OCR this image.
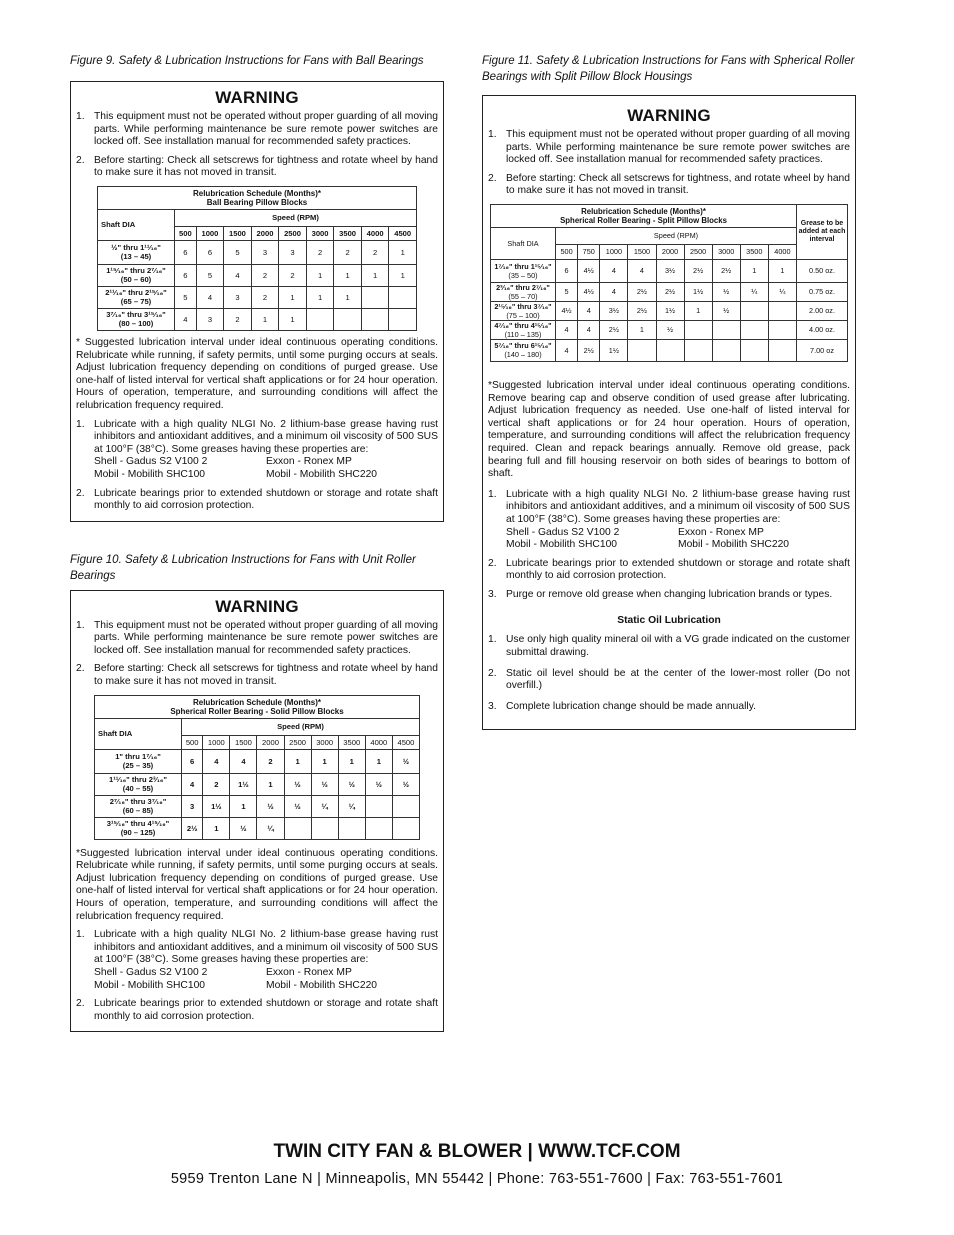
Figure 9. Safety & Lubrication Instructions for Fans with Ball Bearings

WARNING
1. This equipment must not be operated without proper guarding of all moving parts. While performing maintenance be sure remote power switches are locked off. See installation manual for recommended safety practices.
2. Before starting: Check all setscrews for tightness and rotate wheel by hand to make sure it has not moved in transit.
Relubrication Schedule (Months)*
Ball Bearing Pillow Blocks									
Shaft DIA	Speed (RPM)								
	500	1000	1500	2000	2500	3000	3500	4000	4500
½" thru 1¹¹⁄₁₆"
(13 – 45)	6	6	5	3	3	2	2	2	1
1¹⁵⁄₁₆" thru 2⁷⁄₁₆"
(50 – 60)	6	5	4	2	2	1	1	1	1
2¹¹⁄₁₆" thru 2¹⁵⁄₁₆"
(65 – 75)	5	4	3	2	1	1	1		
3⁷⁄₁₆" thru 3¹⁵⁄₁₆"
(80 – 100)	4	3	2	1	1				

* Suggested lubrication interval under ideal continuous operating conditions. Relubricate while running, if safety permits, until some purging occurs at seals. Adjust lubrication frequency depending on conditions of purged grease. Use one-half of listed interval for vertical shaft applications or for 24 hour operation. Hours of operation, temperature, and surrounding conditions will affect the relubrication frequency required.

1. Lubricate with a high quality NLGI No. 2 lithium-base grease having rust inhibitors and antioxidant additives, and a minimum oil viscosity of 500 SUS at 100°F (38°C). Some greases having these properties are:
Shell - Gadus S2 V100 2	Exxon - Ronex MP
Mobil - Mobilith SHC100	Mobil - Mobilith SHC220
2. Lubricate bearings prior to extended shutdown or storage and rotate shaft monthly to aid corrosion protection.

Figure 10. Safety & Lubrication Instructions for Fans with Unit Roller Bearings

WARNING
1. This equipment must not be operated without proper guarding of all moving parts. While performing maintenance be sure remote power switches are locked off. See installation manual for recommended safety practices.
2. Before starting: Check all setscrews for tightness and rotate wheel by hand to make sure it has not moved in transit.
Relubrication Schedule (Months)*
Spherical Roller Bearing - Solid Pillow Blocks									
Shaft DIA	Speed (RPM)								
	500	1000	1500	2000	2500	3000	3500	4000	4500
1" thru 1⁷⁄₁₆"
(25 – 35)	6	4	4	2	1	1	1	1	½
1¹¹⁄₁₆" thru 2³⁄₁₆"
(40 – 55)	4	2	1½	1	½	½	½	½	½
2⁷⁄₁₆" thru 3⁷⁄₁₆"
(60 – 85)	3	1½	1	½	½	¼	¼		
3¹⁵⁄₁₆" thru 4¹⁵⁄₁₆"
(90 – 125)	2½	1	½	¼					

*Suggested lubrication interval under ideal continuous operating conditions. Relubricate while running, if safety permits, until some purging occurs at seals. Adjust lubrication frequency depending on conditions of purged grease. Use one-half of listed interval for vertical shaft applications or for 24 hour operation. Hours of operation, temperature, and surrounding conditions will affect the relubrication frequency required.

1. Lubricate with a high quality NLGI No. 2 lithium-base grease having rust inhibitors and antioxidant additives, and a minimum oil viscosity of 500 SUS at 100°F (38°C). Some greases having these properties are:
Shell - Gadus S2 V100 2	Exxon - Ronex MP
Mobil - Mobilith SHC100	Mobil - Mobilith SHC220
2. Lubricate bearings prior to extended shutdown or storage and rotate shaft monthly to aid corrosion protection.

Figure 11. Safety & Lubrication Instructions for Fans with Spherical Roller Bearings with Split Pillow Block Housings

WARNING
1. This equipment must not be operated without proper guarding of all moving parts. While performing maintenance be sure remote power switches are locked off. See installation manual for recommended safety practices.
2. Before starting: Check all setscrews for tightness, and rotate wheel by hand to make sure it has not moved in transit.
Relubrication Schedule (Months)*
Spherical Roller Bearing - Split Pillow Blocks										Grease to be added at each interval
Shaft DIA	Speed (RPM)									
	500	750	1000	1500	2000	2500	3000	3500	4000	
1⁷⁄₁₆" thru 1¹⁵⁄₁₆"
(35 – 50)	6	4½	4	4	3½	2½	2½	1	1	0.50 oz.
2³⁄₁₆" thru 2⁷⁄₁₆"
(55 – 70)	5	4½	4	2½	2½	1½	½	¼	¼	0.75 oz.
2¹⁵⁄₁₆" thru 3⁷⁄₁₆"
(75 – 100)	4½	4	3½	2½	1½	1	½			2.00 oz.
4⁷⁄₁₆" thru 4¹⁵⁄₁₆"
(110 – 135)	4	4	2½	1	½					4.00 oz.
5⁷⁄₁₆" thru 6¹⁵⁄₁₆"
(140 – 180)	4	2½	1½							7.00 oz

*Suggested lubrication interval under ideal continuous operating conditions. Remove bearing cap and observe condition of used grease after lubricating. Adjust lubrication frequency as needed. Use one-half of listed interval for vertical shaft applications or for 24 hour operation. Hours of operation, temperature, and surrounding conditions will affect the relubrication frequency required. Clean and repack bearings annually. Remove old grease, pack bearing full and fill housing reservoir on both sides of bearings to bottom of shaft.

1. Lubricate with a high quality NLGI No. 2 lithium-base grease having rust inhibitors and antioxidant additives, and a minimum oil viscosity of 500 SUS at 100°F (38°C). Some greases having these properties are:
Shell - Gadus S2 V100 2	Exxon - Ronex MP
Mobil - Mobilith SHC100	Mobil - Mobilith SHC220
2. Lubricate bearings prior to extended shutdown or storage and rotate shaft monthly to aid corrosion protection.
3. Purge or remove old grease when changing lubrication brands or types.
Static Oil Lubrication
1. Use only high quality mineral oil with a VG grade indicated on the customer submittal drawing.
2. Static oil level should be at the center of the lower-most roller (Do not overfill.)
3. Complete lubrication change should be made annually.
TWIN CITY FAN & BLOWER | WWW.TCF.COM
5959 Trenton Lane N | Minneapolis, MN 55442 | Phone: 763-551-7600 | Fax: 763-551-7601
